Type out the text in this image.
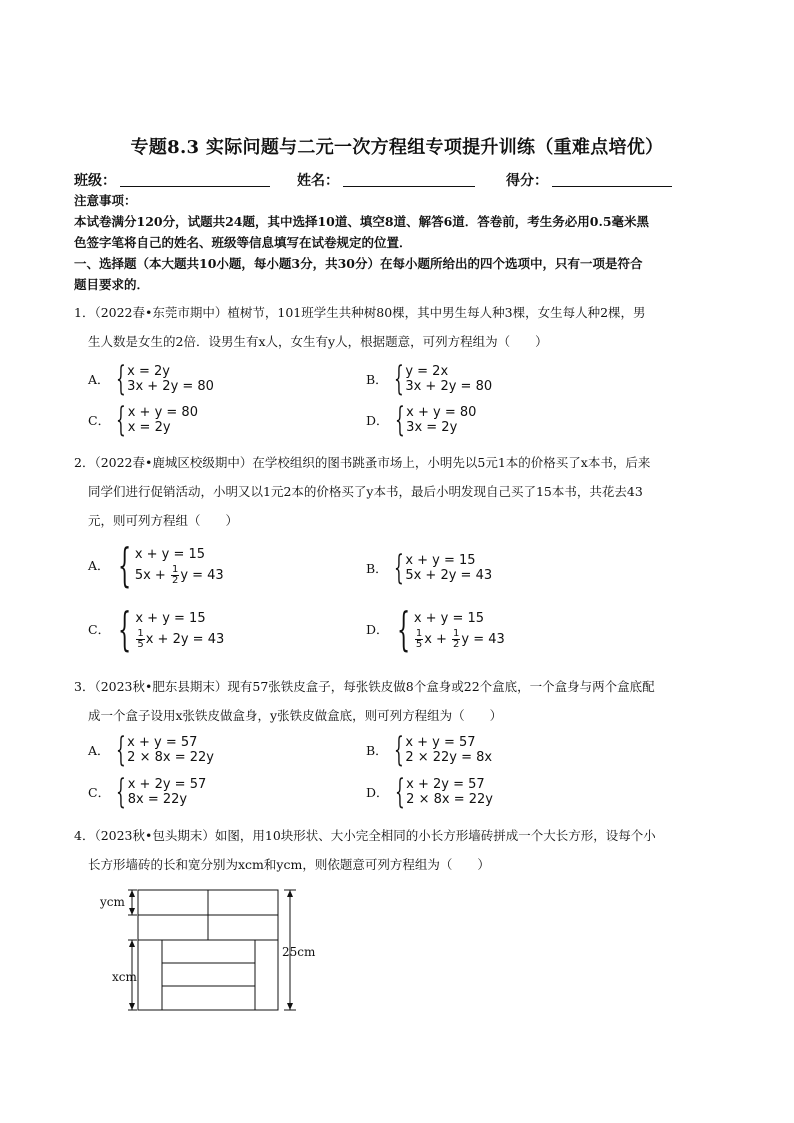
专题8.3 实际问题与二元一次方程组专项提升训练（重难点培优）
班级：	姓名：	得分：
注意事项：
本试卷满分120分，试题共24题，其中选择10道、填空8道、解答6道．答卷前，考生务必用0.5毫米黑
色签字笔将自己的姓名、班级等信息填写在试卷规定的位置．
一、选择题（本大题共10小题，每小题3分，共30分）在每小题所给出的四个选项中，只有一项是符合
题目要求的．
1．（2022春•东莞市期中）植树节，101班学生共种树80棵，其中男生每人种3棵，女生每人种2棵，男
生人数是女生的2倍．设男生有x人，女生有y人，根据题意，可列方程组为（　　）
A． { x = 2y
3x + 2y = 80	B． { y = 2x
3x + 2y = 80
C． { x + y = 80
x = 2y	D． { x + y = 80
3x = 2y
2．（2022春•鹿城区校级期中）在学校组织的图书跳蚤市场上，小明先以5元1本的价格买了x本书，后来
同学们进行促销活动，小明又以1元2本的价格买了y本书，最后小明发现自己买了15本书，共花去43
元，则可列方程组（　　）
A． { x + y = 15
$5x + \frac{1}{2}$ y = 43	B． { x + y = 15
5x + 2y = 43
C． { x + y = 15
$\frac{1}{5}$ x + 2y = 43
D． { x + y = 15
$\frac{1}{5}$ $x + \frac{1}{2}$ y = 43
3．（2023秋•肥东县期末）现有57张铁皮盒子，每张铁皮做8个盒身或22个盒底，一个盒身与两个盒底配
成一个盒子设用x张铁皮做盒身，y张铁皮做盒底，则可列方程组为（　　）
A． { x + y = 57
2 × 8x = 22y	B． { x + y = 57
2 × 22y = 8x
C． { x + 2y = 57
8x = 22y	D． { x + 2y = 57
2 × 8x = 22y
4．（2023秋•包头期末）如图，用10块形状、大小完全相同的小长方形墙砖拼成一个大长方形，设每个小
长方形墙砖的长和宽分别为xcm和ycm，则依题意可列方程组为（　　）
ycm
xcm
25cm
